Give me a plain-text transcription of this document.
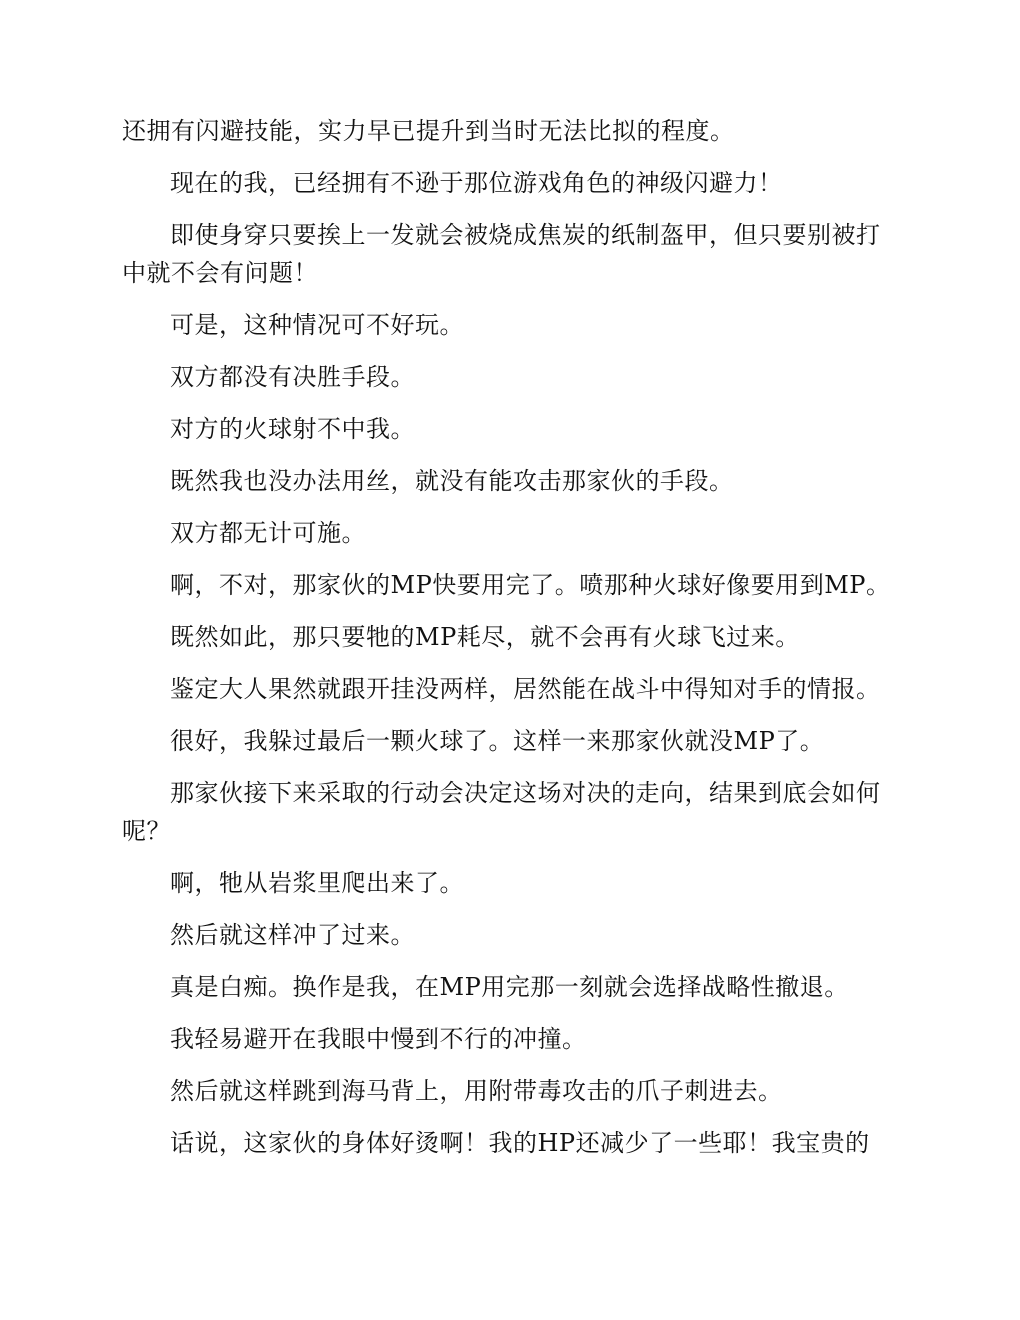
还拥有闪避技能，实力早已提升到当时无法比拟的程度。

现在的我，已经拥有不逊于那位游戏角色的神级闪避力！

即使身穿只要挨上一发就会被烧成焦炭的纸制盔甲，但只要别被打中就不会有问题！

可是，这种情况可不好玩。

双方都没有决胜手段。

对方的火球射不中我。

既然我也没办法用丝，就没有能攻击那家伙的手段。

双方都无计可施。

啊，不对，那家伙的MP快要用完了。喷那种火球好像要用到MP。

既然如此，那只要牠的MP耗尽，就不会再有火球飞过来。

鉴定大人果然就跟开挂没两样，居然能在战斗中得知对手的情报。

很好，我躲过最后一颗火球了。这样一来那家伙就没MP了。

那家伙接下来采取的行动会决定这场对决的走向，结果到底会如何呢？

啊，牠从岩浆里爬出来了。

然后就这样冲了过来。

真是白痴。换作是我，在MP用完那一刻就会选择战略性撤退。

我轻易避开在我眼中慢到不行的冲撞。

然后就这样跳到海马背上，用附带毒攻击的爪子刺进去。

话说，这家伙的身体好烫啊！我的HP还减少了一些耶！我宝贵的
